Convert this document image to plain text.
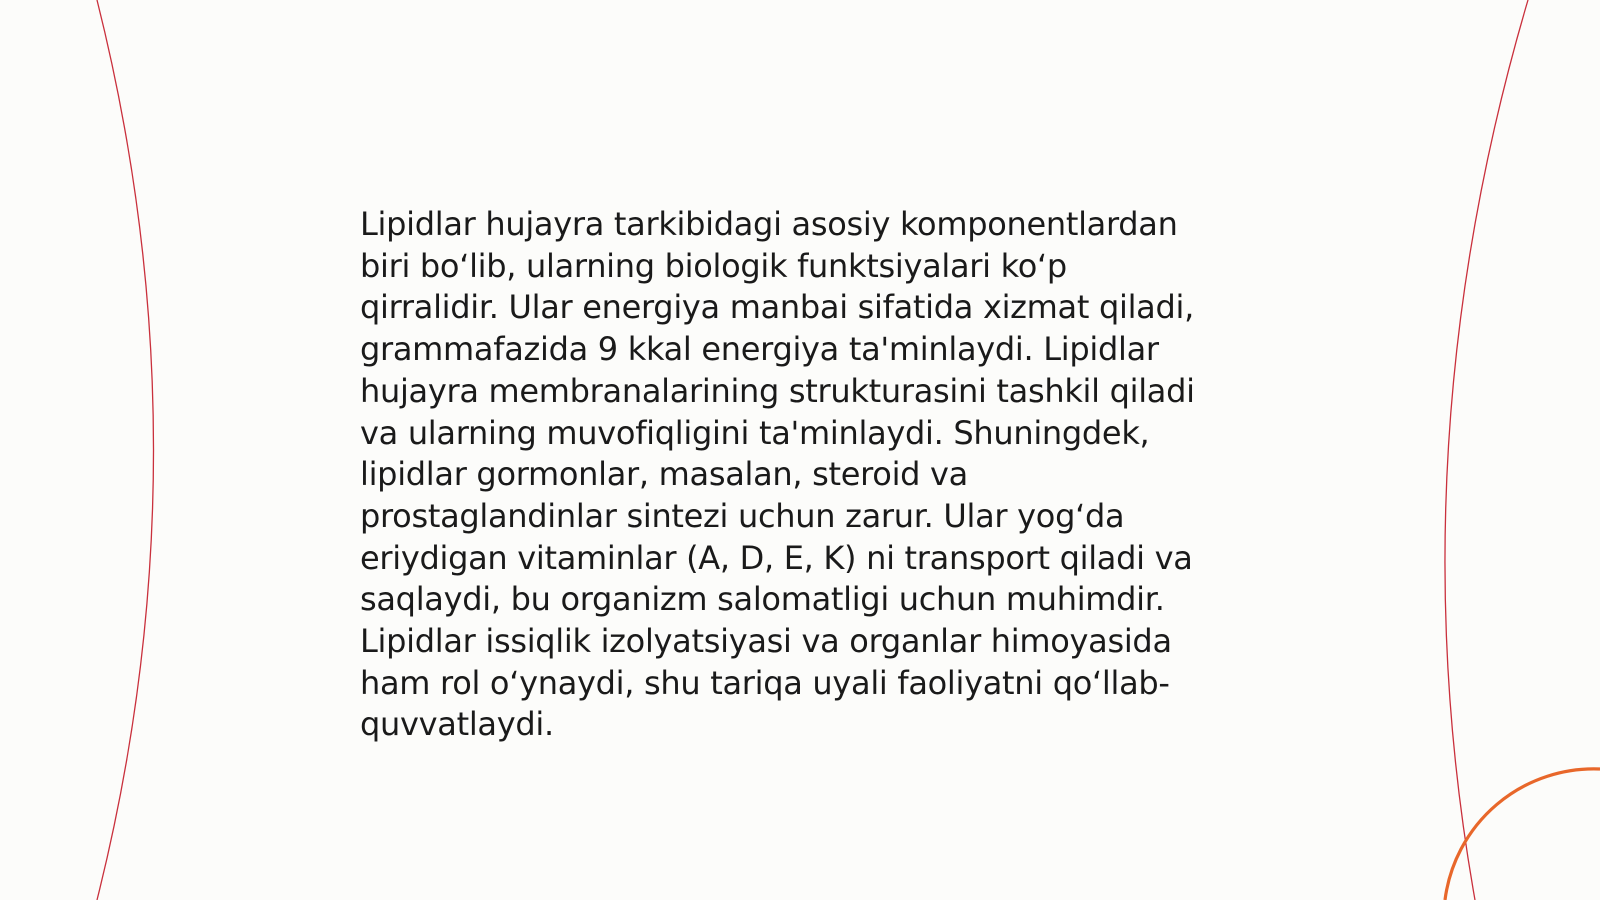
Lipidlar hujayra tarkibidagi asosiy komponentlardan
biri bo‘lib, ularning biologik funktsiyalari ko‘p
qirralidir. Ular energiya manbai sifatida xizmat qiladi,
grammafazida 9 kkal energiya ta'minlaydi. Lipidlar
hujayra membranalarining strukturasini tashkil qiladi
va ularning muvofiqligini ta'minlaydi. Shuningdek,
lipidlar gormonlar, masalan, steroid va
prostaglandinlar sintezi uchun zarur. Ular yog‘da
eriydigan vitaminlar (A, D, E, K) ni transport qiladi va
saqlaydi, bu organizm salomatligi uchun muhimdir.
Lipidlar issiqlik izolyatsiyasi va organlar himoyasida
ham rol o‘ynaydi, shu tariqa uyali faoliyatni qo‘llab-
quvvatlaydi.
